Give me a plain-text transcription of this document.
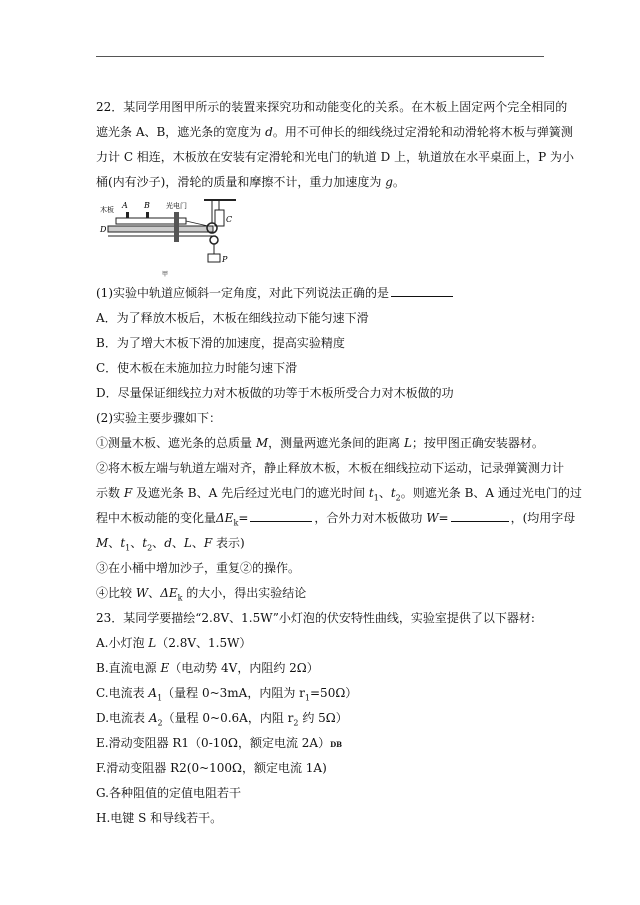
22．某同学用图甲所示的装置来探究功和动能变化的关系。在木板上固定两个完全相同的
遮光条 A、B，遮光条的宽度为 d。用不可伸长的细线绕过定滑轮和动滑轮将木板与弹簧测
力计 C 相连，木板放在安装有定滑轮和光电门的轨道 D 上，轨道放在水平桌面上，P 为小
桶(内有沙子)，滑轮的质量和摩擦不计，重力加速度为 g。
木板 A B 光电门
D
C
P
甲
(1)实验中轨道应倾斜一定角度，对此下列说法正确的是
A．为了释放木板后，木板在细线拉动下能匀速下滑
B．为了增大木板下滑的加速度，提高实验精度
C．使木板在未施加拉力时能匀速下滑
D．尽量保证细线拉力对木板做的功等于木板所受合力对木板做的功
(2)实验主要步骤如下：
①测量木板、遮光条的总质量 M，测量两遮光条间的距离 L；按甲图正确安装器材。
②将木板左端与轨道左端对齐，静止释放木板，木板在细线拉动下运动，记录弹簧测力计
示数 F 及遮光条 B、A 先后经过光电门的遮光时间 $t_1$、$t_2$。则遮光条 B、A 通过光电门的过
程中木板动能的变化量$\Delta E_k=$	，合外力对木板做功 W=	，(均用字母
M、$t_1$、$t_2$、d、L、F 表示)
③在小桶中增加沙子，重复②的操作。
④比较 W、$\Delta E_k$ 的大小，得出实验结论
23．某同学要描绘“2.8V、1.5W”小灯泡的伏安特性曲线，实验室提供了以下器材:
A.小灯泡 L（2.8V、1.5W）
B.直流电源 E（电动势 4V，内阻约 2Ω）
C.电流表 $A_1$（量程 0~3mA，内阻为 $r_1=50\Omega$）
D.电流表 $A_2$（量程 0~0.6A，内阻 $r_2$ 约 5Ω）
E.滑动变阻器 R1（0-10Ω，额定电流 2A）DB
F.滑动变阻器 R2(0~100Ω，额定电流 1A)
G.各种阻值的定值电阻若干
H.电键 S 和导线若干。
